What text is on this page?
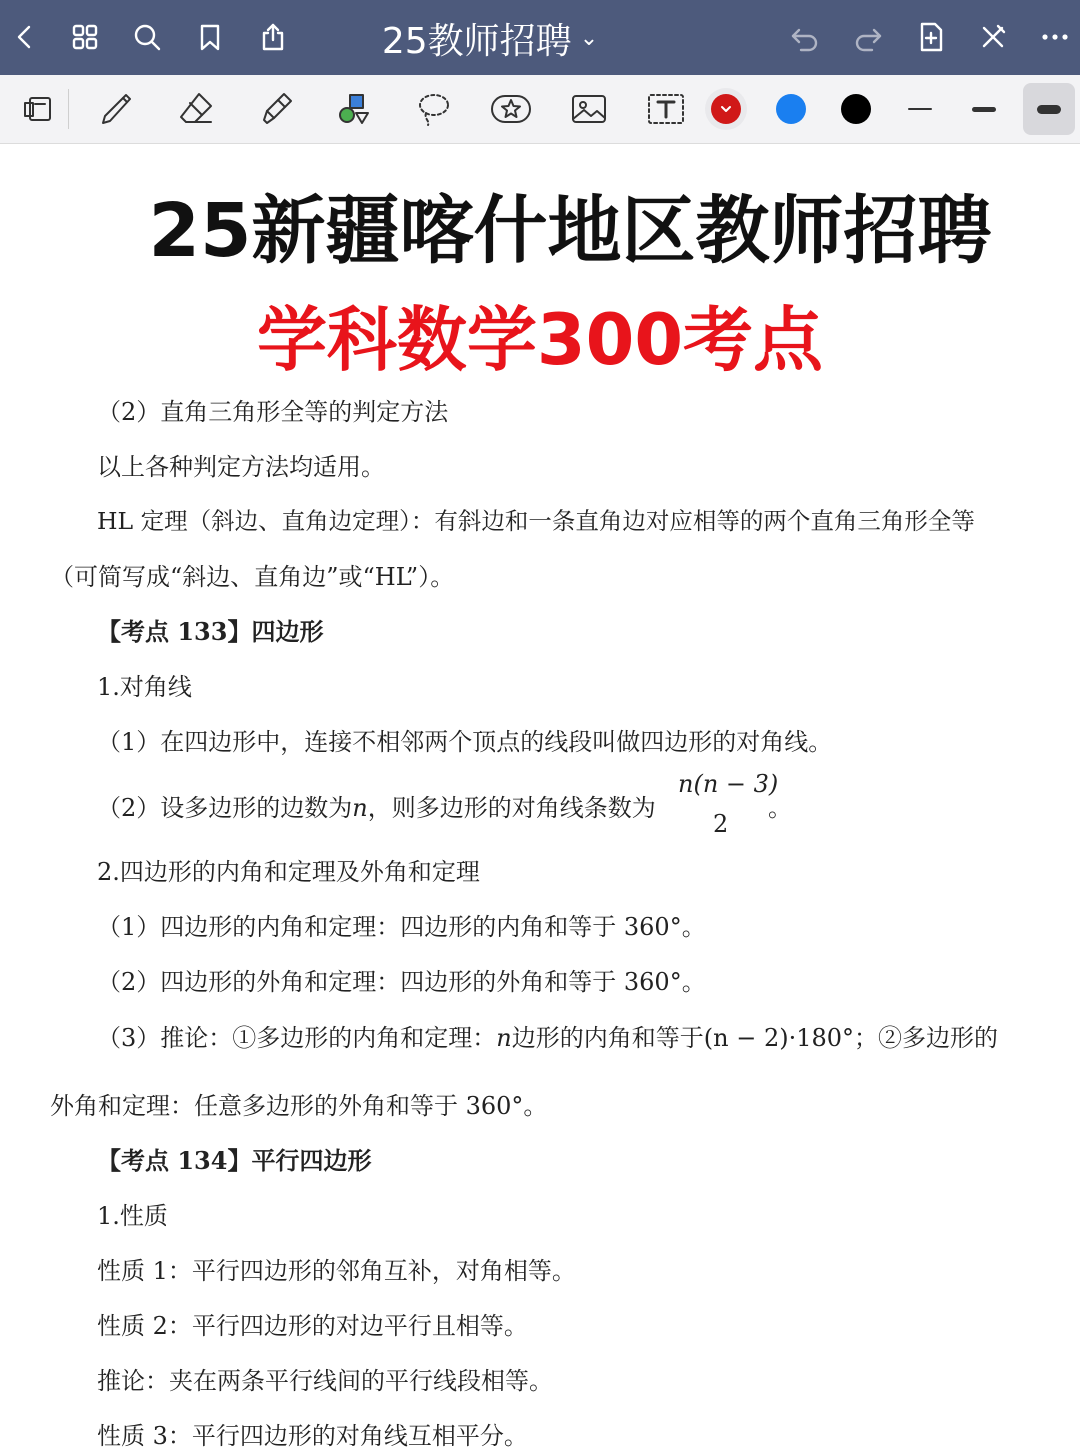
25教师招聘 ⌄
25新疆喀什地区教师招聘
学科数学300考点
（2）直角三角形全等的判定方法
以上各种判定方法均适用。
HL 定理（斜边、直角边定理）：有斜边和一条直角边对应相等的两个直角三角形全等
（可简写成“斜边、直角边”或“HL”）。
【考点 133】四边形
1.对角线
（1）在四边形中，连接不相邻两个顶点的线段叫做四边形的对角线。
（2）设多边形的边数为n，则多边形的对角线条数为
n(n − 3)
2
。
2.四边形的内角和定理及外角和定理
（1）四边形的内角和定理：四边形的内角和等于 360°。
（2）四边形的外角和定理：四边形的外角和等于 360°。
（3）推论：①多边形的内角和定理：n边形的内角和等于(n − 2)·180°；②多边形的
外角和定理：任意多边形的外角和等于 360°。
【考点 134】平行四边形
1.性质
性质 1：平行四边形的邻角互补，对角相等。
性质 2：平行四边形的对边平行且相等。
推论：夹在两条平行线间的平行线段相等。
性质 3：平行四边形的对角线互相平分。
